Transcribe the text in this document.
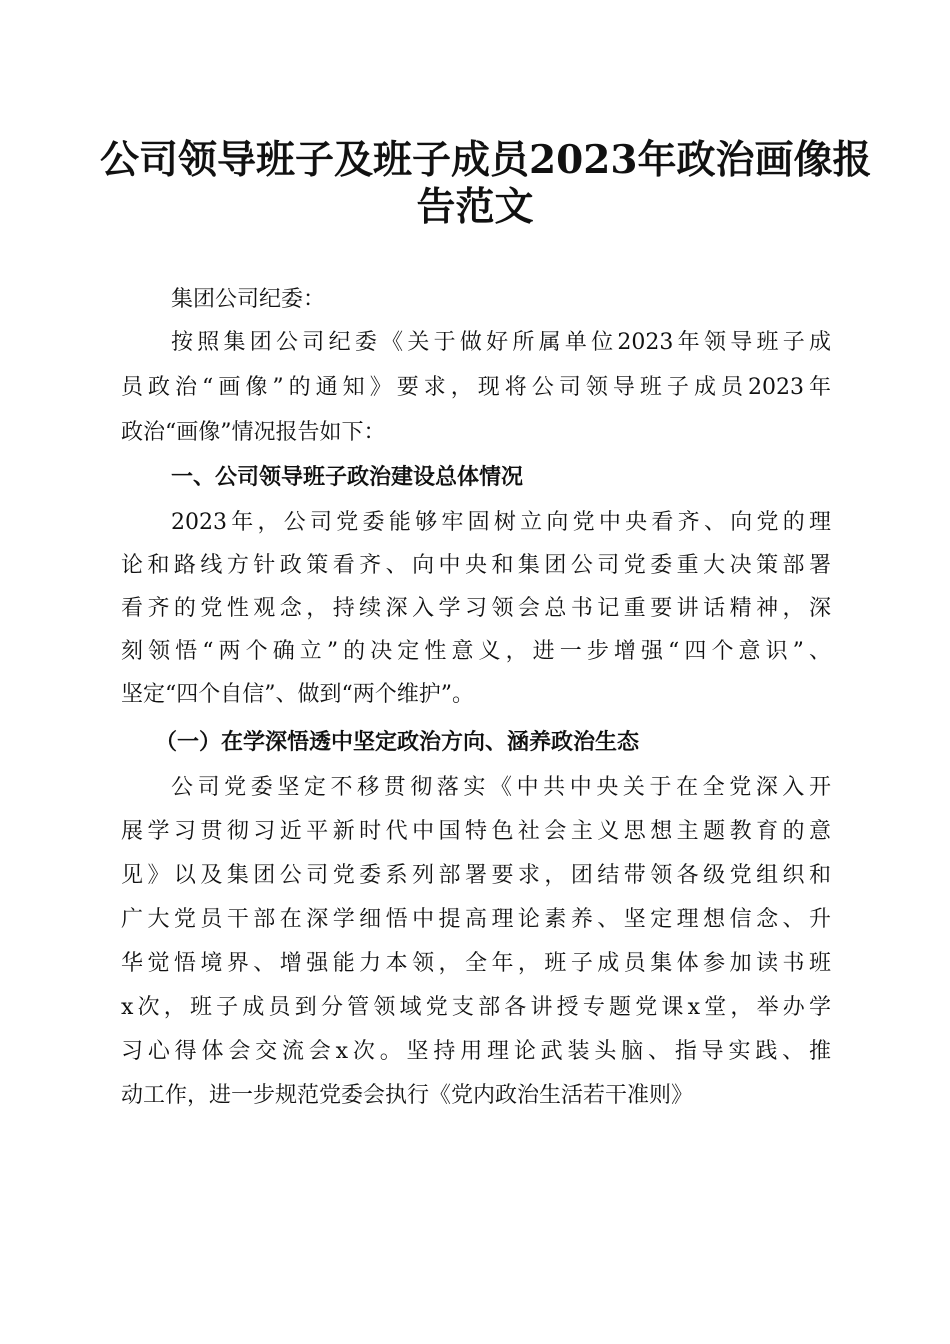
公司领导班子及班子成员2023年政治画像报
告范文
集团公司纪委：
按照集团公司纪委《关于做好所属单位2023年领导班子成
员政治“画像”的通知》要求，现将公司领导班子成员2023年
政治“画像”情况报告如下：
一、公司领导班子政治建设总体情况
2023年，公司党委能够牢固树立向党中央看齐、向党的理
论和路线方针政策看齐、向中央和集团公司党委重大决策部署
看齐的党性观念，持续深入学习领会总书记重要讲话精神，深
刻领悟“两个确立”的决定性意义，进一步增强“四个意识”、
坚定“四个自信”、做到“两个维护”。
（一）在学深悟透中坚定政治方向、涵养政治生态
公司党委坚定不移贯彻落实《中共中央关于在全党深入开
展学习贯彻习近平新时代中国特色社会主义思想主题教育的意
见》以及集团公司党委系列部署要求，团结带领各级党组织和
广大党员干部在深学细悟中提高理论素养、坚定理想信念、升
华觉悟境界、增强能力本领，全年，班子成员集体参加读书班
x次，班子成员到分管领域党支部各讲授专题党课x堂，举办学
习心得体会交流会x次。坚持用理论武装头脑、指导实践、推
动工作，进一步规范党委会执行《党内政治生活若干准则》
